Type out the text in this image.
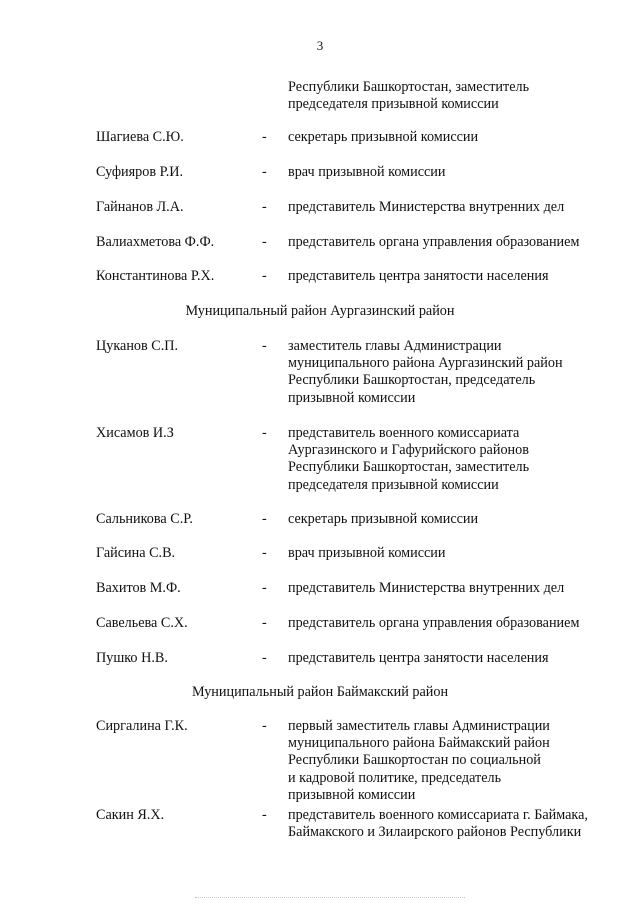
3
Республики Башкортостан, заместитель
председателя призывной комиссии
Шагиева С.Ю.	- секретарь призывной комиссии
Суфияров Р.И.	- врач призывной комиссии
Гайнанов Л.А.	- представитель Министерства внутренних дел
Валиахметова Ф.Ф.	- представитель органа управления образованием
Константинова Р.Х.	- представитель центра занятости населения
Муниципальный район Аургазинский район
Цуканов С.П.	- заместитель главы Администрации
муниципального района Аургазинский район
Республики Башкортостан, председатель
призывной комиссии
Хисамов И.З	- представитель военного комиссариата
Аургазинского и Гафурийского районов
Республики Башкортостан, заместитель
председателя призывной комиссии
Сальникова С.Р.	- секретарь призывной комиссии
Гайсина С.В.	- врач призывной комиссии
Вахитов М.Ф.	- представитель Министерства внутренних дел
Савельева С.Х.	- представитель органа управления образованием
Пушко Н.В.	- представитель центра занятости населения
Муниципальный район Баймакский район
Сиргалина Г.К.	- первый заместитель главы Администрации
муниципального района Баймакский район
Республики Башкортостан по социальной
и кадровой политике, председатель
призывной комиссии
Сакин Я.Х.	- представитель военного комиссариата г. Баймака,
Баймакского и Зилаирского районов Республики
